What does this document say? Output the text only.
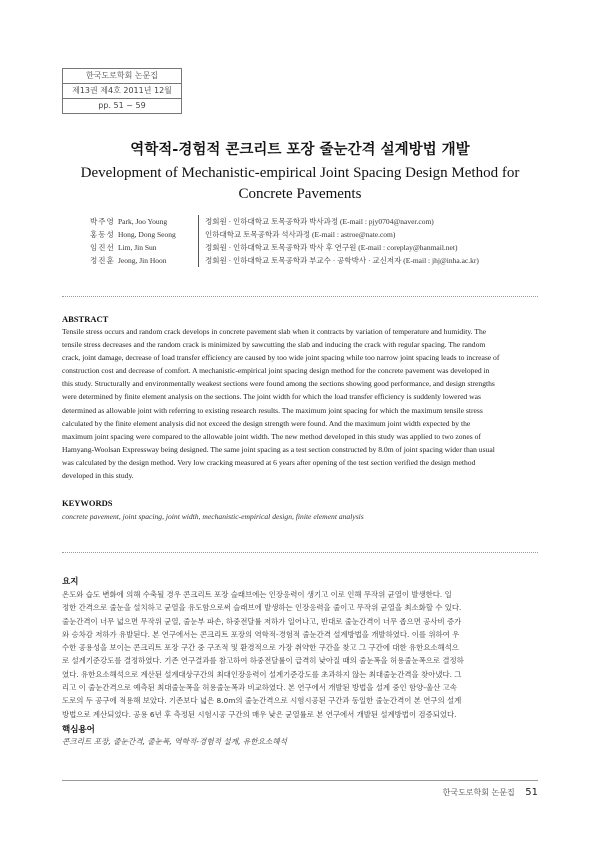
한국도로학회 논문집
제13권 제4호 2011년 12월
pp. 51 ~ 59
역학적-경험적 콘크리트 포장 줄눈간격 설계방법 개발
Development of Mechanistic-empirical Joint Spacing Design Method for
Concrete Pavements
박주영 Park, Joo Young	정회원 · 인하대학교 토목공학과 박사과정 (E-mail : pjy0704@naver.com)
홍동성 Hong, Dong Seong	인하대학교 토목공학과 석사과정 (E-mail : astroe@nate.com)
임진선 Lim, Jin Sun	정회원 · 인하대학교 토목공학과 박사 후 연구원 (E-mail : coreplay@hanmail.net)
정진훈 Jeong, Jin Hoon	정회원 · 인하대학교 토목공학과 부교수 · 공학박사 · 교신저자 (E-mail : jhj@inha.ac.kr)
ABSTRACT
Tensile stress occurs and random crack develops in concrete pavement slab when it contracts by variation of temperature and humidity. The
tensile stress decreases and the random crack is minimized by sawcutting the slab and inducing the crack with regular spacing. The random
crack, joint damage, decrease of load transfer efficiency are caused by too wide joint spacing while too narrow joint spacing leads to increase of
construction cost and decrease of comfort. A mechanistic-empirical joint spacing design method for the concrete pavement was developed in
this study. Structurally and environmentally weakest sections were found among the sections showing good performance, and design strengths
were determined by finite element analysis on the sections. The joint width for which the load transfer efficiency is suddenly lowered was
determined as allowable joint with referring to existing research results. The maximum joint spacing for which the maximum tensile stress
calculated by the finite element analysis did not exceed the design strength were found. And the maximum joint width expected by the
maximum joint spacing were compared to the allowable joint width. The new method developed in this study was applied to two zones of
Hamyang-Woolsan Expressway being designed. The same joint spacing as a test section constructed by 8.0m of joint spacing wider than usual
was calculated by the design method. Very low cracking measured at 6 years after opening of the test section verified the design method
developed in this study.
KEYWORDS
concrete pavement, joint spacing, joint width, mechanistic-empirical design, finite element analysis
요지
온도와 습도 변화에 의해 수축될 경우 콘크리트 포장 슬래브에는 인장응력이 생기고 이로 인해 무작위 균열이 발생한다. 일
정한 간격으로 줄눈을 설치하고 균열을 유도함으로써 슬래브에 발생하는 인장응력을 줄이고 무작위 균열을 최소화할 수 있다.
줄눈간격이 너무 넓으면 무작위 균열, 줄눈부 파손, 하중전달률 저하가 일어나고, 반대로 줄눈간격이 너무 좁으면 공사비 증가
와 승차감 저하가 유발된다. 본 연구에서는 콘크리트 포장의 역학적-경험적 줄눈간격 설계방법을 개발하였다. 이를 위하여 우
수한 공용성을 보이는 콘크리트 포장 구간 중 구조적 및 환경적으로 가장 취약한 구간을 찾고 그 구간에 대한 유한요소해석으
로 설계기준강도를 결정하였다. 기존 연구결과를 참고하여 하중전달률이 급격히 낮아질 때의 줄눈폭을 허용줄눈폭으로 결정하
였다. 유한요소해석으로 계산된 설계대상구간의 최대인장응력이 설계기준강도를 초과하지 않는 최대줄눈간격을 찾아냈다. 그
리고 이 줄눈간격으로 예측된 최대줄눈폭을 허용줄눈폭과 비교하였다. 본 연구에서 개발된 방법을 설계 중인 함양-울산 고속
도로의 두 공구에 적용해 보았다. 기존보다 넓은 8.0m의 줄눈간격으로 시험시공된 구간과 동일한 줄눈간격이 본 연구의 설계
방법으로 계산되었다. 공용 6년 후 측정된 시험시공 구간의 매우 낮은 균열률로 본 연구에서 개발된 설계방법이 검증되었다.
핵심용어
콘크리트 포장, 줄눈간격, 줄눈폭, 역학적-경험적 설계, 유한요소해석
한국도로학회 논문집 51
